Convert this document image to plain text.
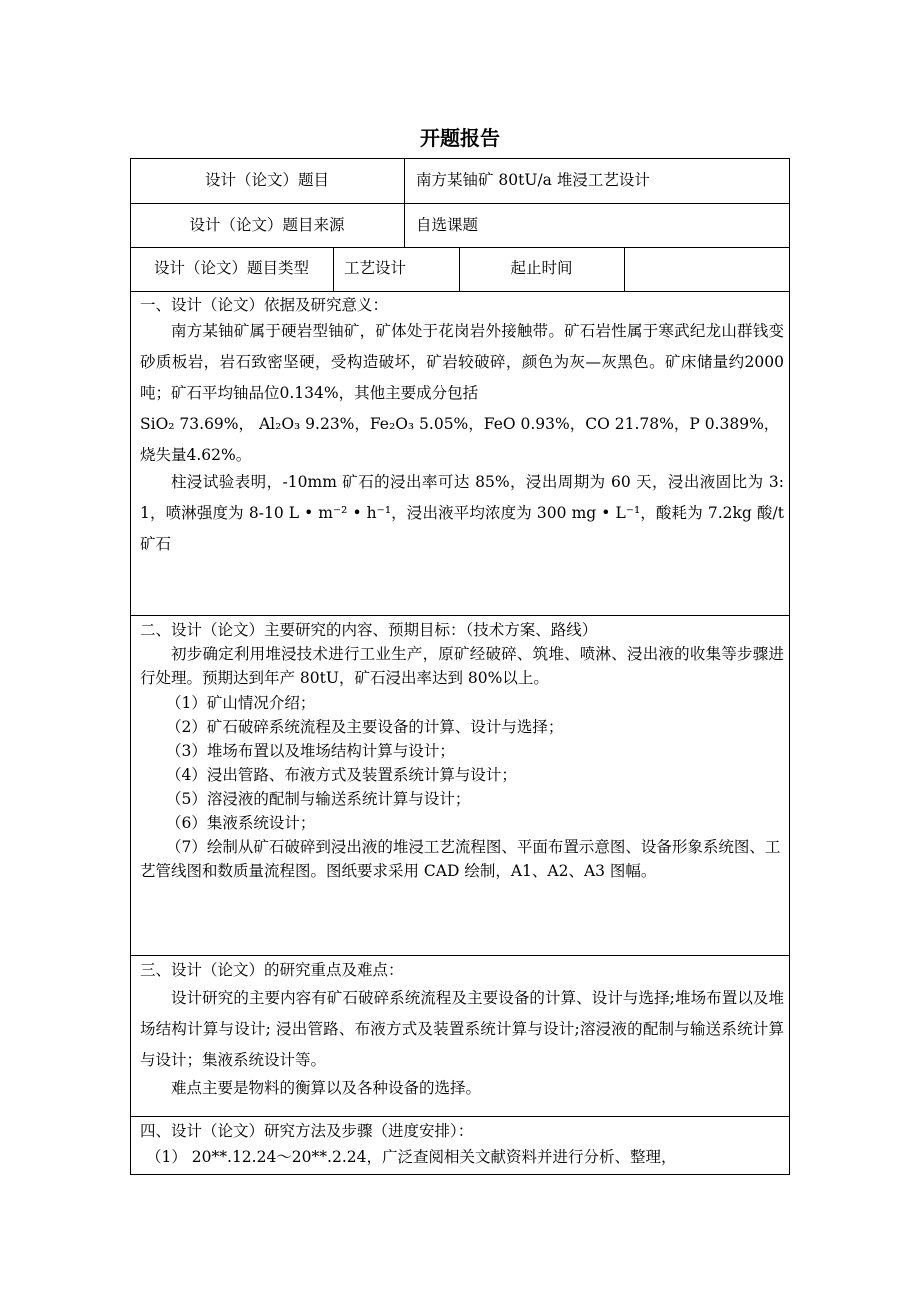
开题报告
设计（论文）题目	南方某铀矿 80tU/a 堆浸工艺设计
设计（论文）题目来源	自选课题
设计（论文）题目类型	工艺设计	起止时间
一、设计（论文）依据及研究意义：
南方某铀矿属于硬岩型铀矿，矿体处于花岗岩外接触带。矿石岩性属于寒武纪龙山群钱变砂质板岩，岩石致密坚硬，受构造破坏，矿岩较破碎，颜色为灰—灰黑色。矿床储量约2000吨；矿石平均铀品位0.134%，其他主要成分包括
SiO₂ 73.69%， Al₂O₃ 9.23%，Fe₂O₃ 5.05%，FeO 0.93%，CO 21.78%，P 0.389%，
烧失量4.62%。
柱浸试验表明，-10mm 矿石的浸出率可达 85%，浸出周期为 60 天，浸出液固比为 3:1，喷淋强度为 8-10 L • m⁻² • h⁻¹，浸出液平均浓度为 300 mg • L⁻¹，酸耗为 7.2kg 酸/t 矿石
二、设计（论文）主要研究的内容、预期目标：（技术方案、路线）
初步确定利用堆浸技术进行工业生产，原矿经破碎、筑堆、喷淋、浸出液的收集等步骤进行处理。预期达到年产 80tU，矿石浸出率达到 80%以上。
（1）矿山情况介绍；
（2）矿石破碎系统流程及主要设备的计算、设计与选择；
（3）堆场布置以及堆场结构计算与设计；
（4）浸出管路、布液方式及装置系统计算与设计；
（5）溶浸液的配制与输送系统计算与设计；
（6）集液系统设计；
（7）绘制从矿石破碎到浸出液的堆浸工艺流程图、平面布置示意图、设备形象系统图、工艺管线图和数质量流程图。图纸要求采用 CAD 绘制，A1、A2、A3 图幅。
三、设计（论文）的研究重点及难点：
设计研究的主要内容有矿石破碎系统流程及主要设备的计算、设计与选择;堆场布置以及堆场结构计算与设计; 浸出管路、布液方式及装置系统计算与设计;溶浸液的配制与输送系统计算与设计；集液系统设计等。
难点主要是物料的衡算以及各种设备的选择。
四、设计（论文）研究方法及步骤（进度安排）：
（1） 20**.12.24～20**.2.24，广泛查阅相关文献资料并进行分析、整理，
